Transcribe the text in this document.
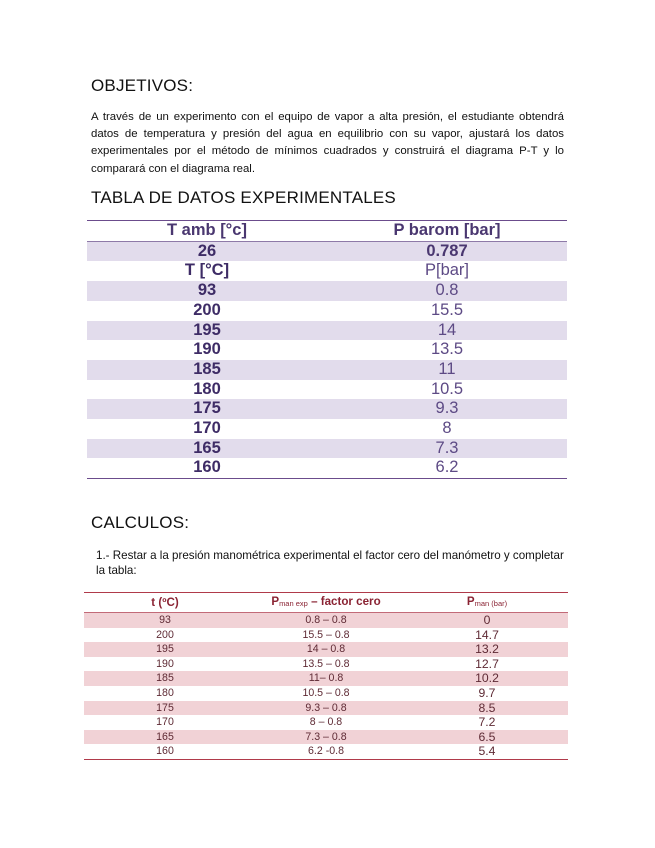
OBJETIVOS:
A través de un experimento con el equipo de vapor a alta presión, el estudiante obtendrá datos de temperatura y presión del agua en equilibrio con su vapor, ajustará los datos experimentales por el método de mínimos cuadrados y construirá el diagrama P-T y lo comparará con el diagrama real.
TABLA DE DATOS EXPERIMENTALES
T amb [°c]	P barom [bar]
26	0.787
T [°C]	P[bar]
93	0.8
200	15.5
195	14
190	13.5
185	11
180	10.5
175	9.3
170	8
165	7.3
160	6.2
CALCULOS:
1.- Restar a la presión manométrica experimental el factor cero del manómetro y completar la tabla:
t (ºC)	$P_{man exp}$ – factor cero	$P_{man (bar)}$
93	0.8 – 0.8	0
200	15.5 – 0.8	14.7
195	14 – 0.8	13.2
190	13.5 – 0.8	12.7
185	11– 0.8	10.2
180	10.5 – 0.8	9.7
175	9.3 – 0.8	8.5
170	8 – 0.8	7.2
165	7.3 – 0.8	6.5
160	6.2 -0.8	5.4
